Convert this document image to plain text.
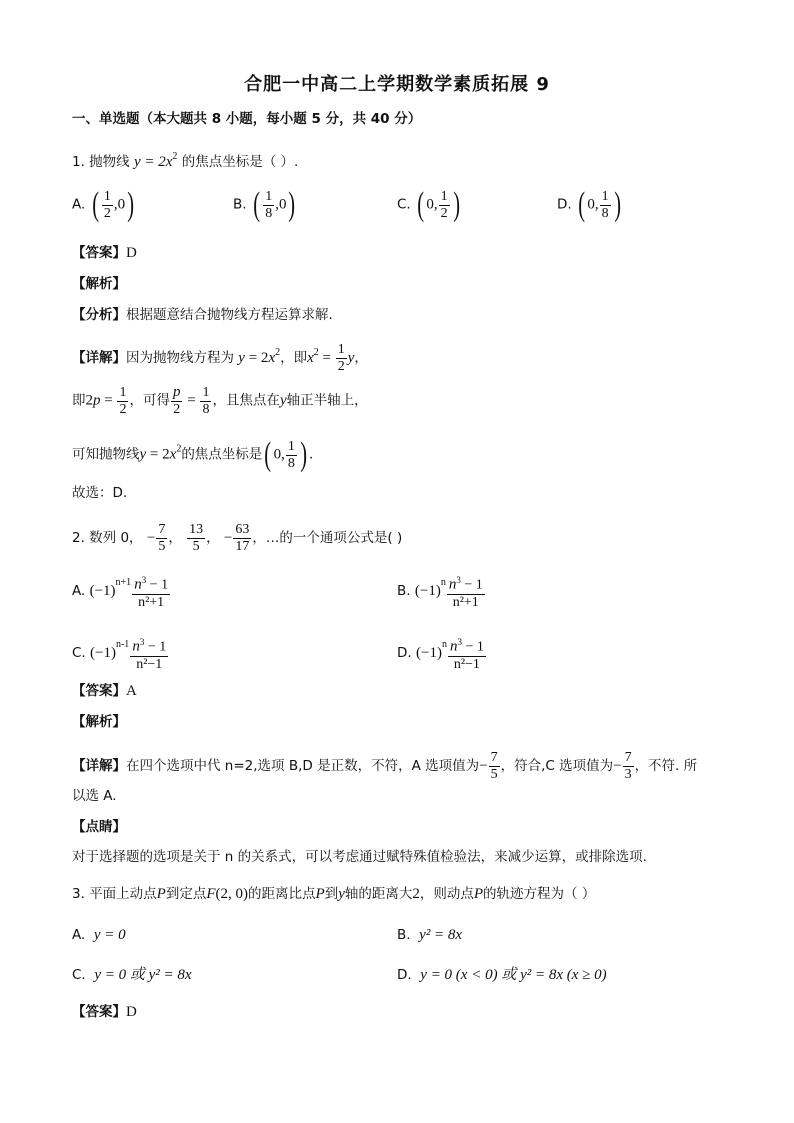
合肥一中高二上学期数学素质拓展 9
一、单选题（本大题共 8 小题，每小题 5 分，共 40 分）
1. 抛物线 $y = 2x^2$ 的焦点坐标是（ ）.
A. ( $\frac{1}{2} ,0$)	B. ( $\frac{1}{8} ,0$)	C. ( 0, $\frac{1}{2}$ )	D. ( 0, $\frac{1}{8}$ )
【答案】D
【解析】
【分析】根据题意结合抛物线方程运算求解.
【详解】因为抛物线方程为 $y = 2x^2$，即$x^2 = \frac{1}{2}$ y，
即$2p = \frac{1}{2}$ ，可得 $\frac{p}{2} = \frac{1}{8}$ ，且焦点在y轴正半轴上，
可知抛物线$y = 2x^2$的焦点坐标是( 0, $\frac{1}{8}$ ) .
故选：D.
2. 数列 0， − $\frac{7}{5}$ ， $\frac{13}{5}$ ， − $\frac{63}{17}$ ，…的一个通项公式是( )
A. $(-1)^{n+1} \frac{n^3 - 1}{\text{n²+1}}$	B. $(-1)^n \frac{n^3 - 1}{\text{n²+1}}$
C. $(-1)^{n-1} \frac{n^3 - 1}{\text{n²−1}}$	D. $(-1)^n \frac{n^3 - 1}{\text{n²−1}}$
【答案】A
【解析】
【详解】在四个选项中代 n=2,选项 B,D 是正数，不符，A 选项值为− $\frac{7}{5}$ ，符合,C 选项值为− $\frac{7}{3}$ ，不符. 所
以选 A.
【点睛】
对于选择题的选项是关于 n 的关系式，可以考虑通过赋特殊值检验法，来减少运算，或排除选项.
3. 平面上动点P到定点F(2, 0)的距离比点P到y轴的距离大2，则动点P的轨迹方程为（ ）
A. y = 0	B. y² = 8x
C. y = 0 或 y² = 8x	D. y = 0 (x < 0) 或 y² = 8x (x ≥ 0)
【答案】D
